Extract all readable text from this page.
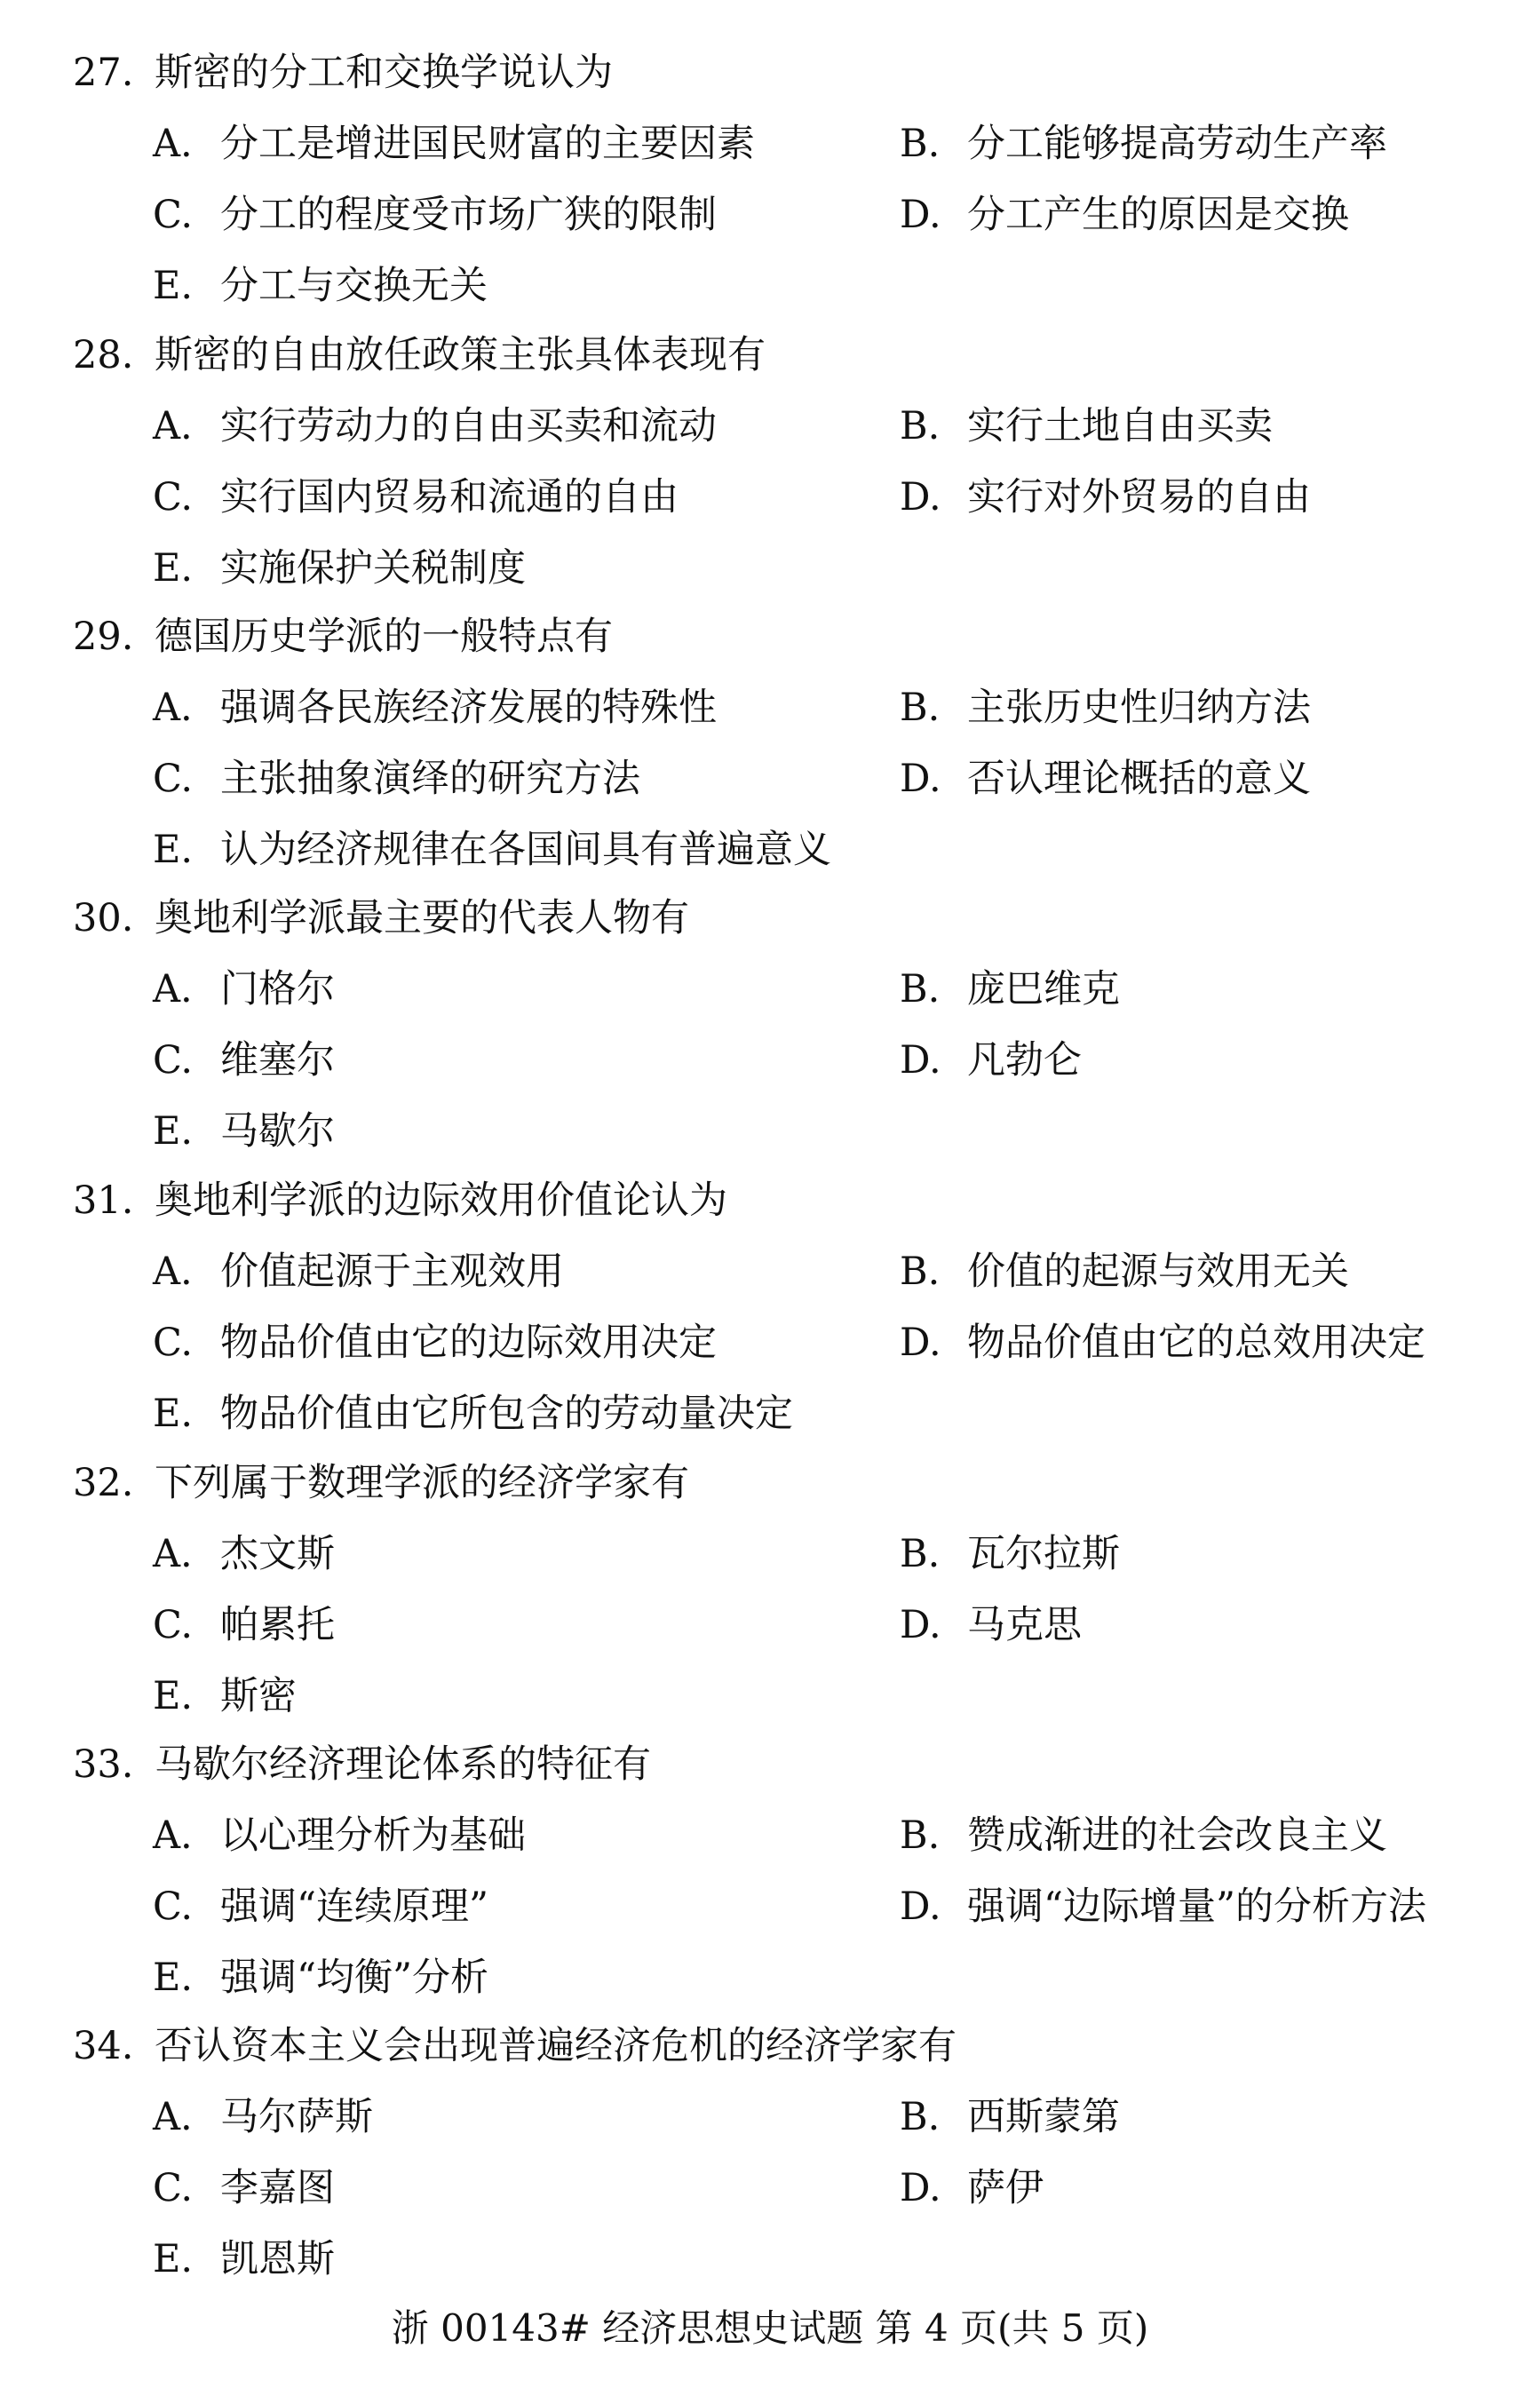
27. 斯密的分工和交换学说认为
A. 分工是增进国民财富的主要因素	B. 分工能够提高劳动生产率
C. 分工的程度受市场广狭的限制	D. 分工产生的原因是交换
E. 分工与交换无关
28. 斯密的自由放任政策主张具体表现有
A. 实行劳动力的自由买卖和流动	B. 实行土地自由买卖
C. 实行国内贸易和流通的自由	D. 实行对外贸易的自由
E. 实施保护关税制度
29. 德国历史学派的一般特点有
A. 强调各民族经济发展的特殊性	B. 主张历史性归纳方法
C. 主张抽象演绎的研究方法	D. 否认理论概括的意义
E. 认为经济规律在各国间具有普遍意义
30. 奥地利学派最主要的代表人物有
A. 门格尔	B. 庞巴维克
C. 维塞尔	D. 凡勃仑
E. 马歇尔
31. 奥地利学派的边际效用价值论认为
A. 价值起源于主观效用	B. 价值的起源与效用无关
C. 物品价值由它的边际效用决定	D. 物品价值由它的总效用决定
E. 物品价值由它所包含的劳动量决定
32. 下列属于数理学派的经济学家有
A. 杰文斯	B. 瓦尔拉斯
C. 帕累托	D. 马克思
E. 斯密
33. 马歇尔经济理论体系的特征有
A. 以心理分析为基础	B. 赞成渐进的社会改良主义
C. 强调“连续原理”	D. 强调“边际增量”的分析方法
E. 强调“均衡”分析
34. 否认资本主义会出现普遍经济危机的经济学家有
A. 马尔萨斯	B. 西斯蒙第
C. 李嘉图	D. 萨伊
E. 凯恩斯
浙 00143# 经济思想史试题 第 4 页(共 5 页)
